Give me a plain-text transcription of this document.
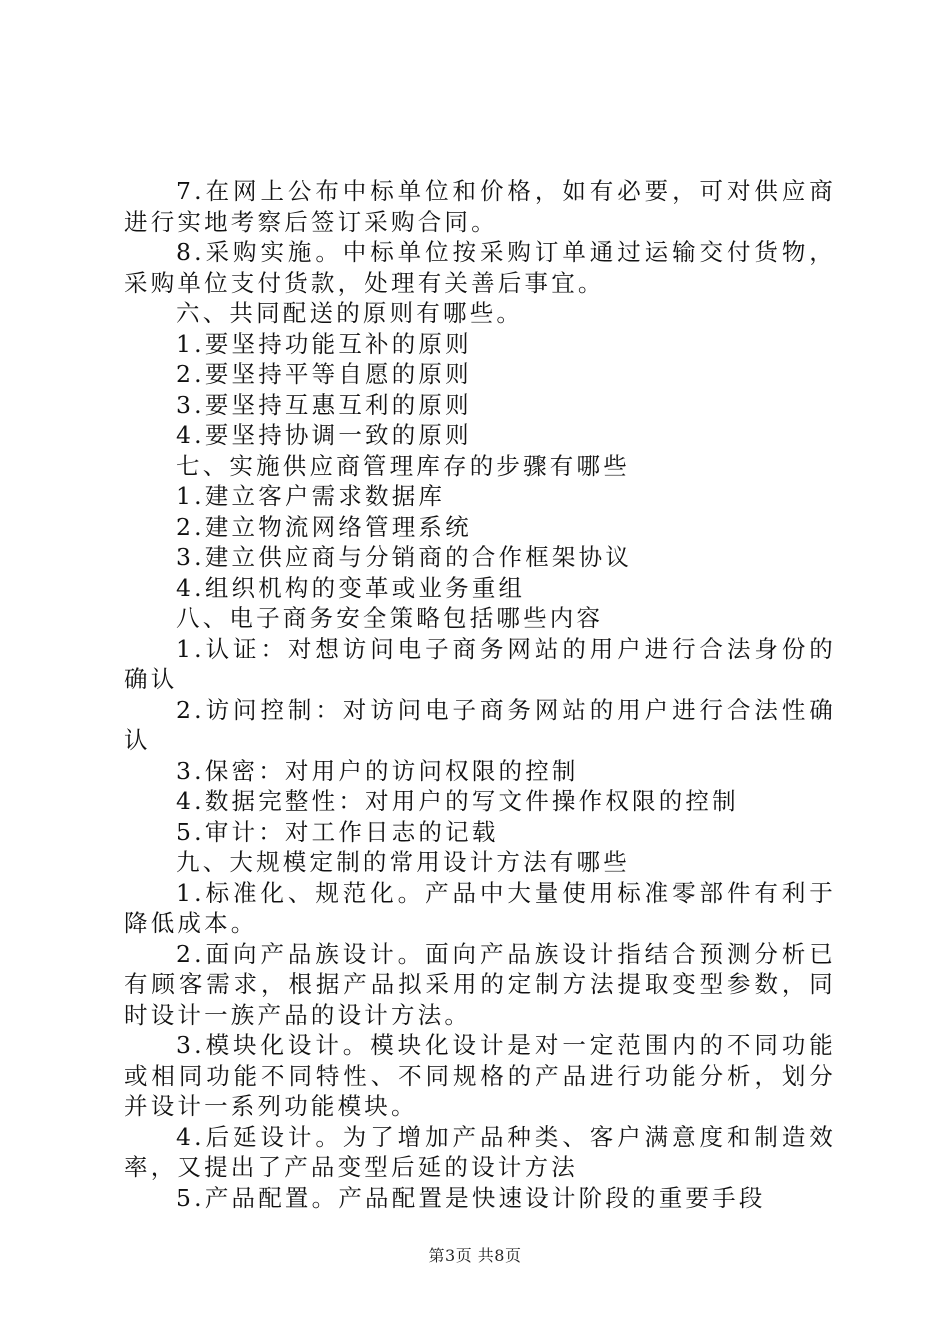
7.在网上公布中标单位和价格，如有必要，可对供应商进行实地考察后签订采购合同。

8.采购实施。中标单位按采购订单通过运输交付货物，采购单位支付货款，处理有关善后事宜。

六、共同配送的原则有哪些。

1.要坚持功能互补的原则

2.要坚持平等自愿的原则

3.要坚持互惠互利的原则

4.要坚持协调一致的原则

七、实施供应商管理库存的步骤有哪些

1.建立客户需求数据库

2.建立物流网络管理系统

3.建立供应商与分销商的合作框架协议

4.组织机构的变革或业务重组

八、电子商务安全策略包括哪些内容

1.认证：对想访问电子商务网站的用户进行合法身份的确认

2.访问控制：对访问电子商务网站的用户进行合法性确认

3.保密：对用户的访问权限的控制

4.数据完整性：对用户的写文件操作权限的控制

5.审计：对工作日志的记载

九、大规模定制的常用设计方法有哪些

1.标准化、规范化。产品中大量使用标准零部件有利于降低成本。

2.面向产品族设计。面向产品族设计指结合预测分析已有顾客需求，根据产品拟采用的定制方法提取变型参数，同时设计一族产品的设计方法。

3.模块化设计。模块化设计是对一定范围内的不同功能或相同功能不同特性、不同规格的产品进行功能分析，划分并设计一系列功能模块。

4.后延设计。为了增加产品种类、客户满意度和制造效率，又提出了产品变型后延的设计方法

5.产品配置。产品配置是快速设计阶段的重要手段

第3页 共8页
